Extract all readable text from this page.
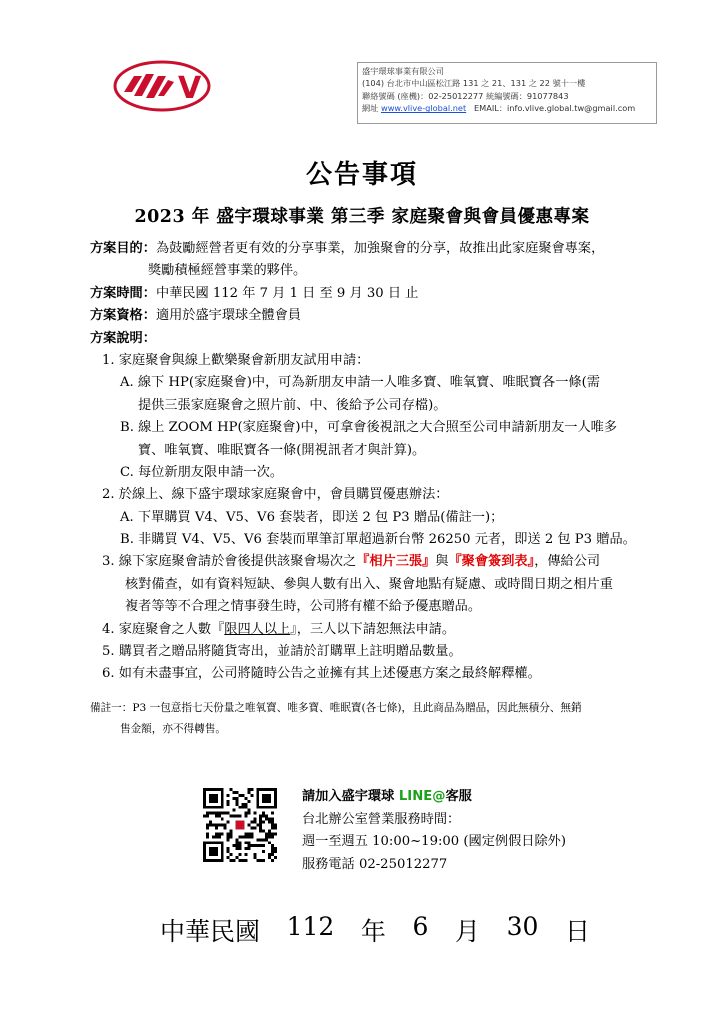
V	盛宇環球事業有限公司
(104) 台北市中山區松江路 131 之 21、131 之 22 號十一樓
聯絡號碼 (座機)：02-25012277 統編號碼：91077843
網址 www.vlive-global.net EMAIL：info.vlive.global.tw@gmail.com
公告事項
2023 年 盛宇環球事業 第三季 家庭聚會與會員優惠專案
方案目的：為鼓勵經營者更有效的分享事業，加強聚會的分享，故推出此家庭聚會專案，
獎勵積極經營事業的夥伴。
方案時間：中華民國 112 年 7 月 1 日 至 9 月 30 日 止
方案資格：適用於盛宇環球全體會員
方案說明：
1. 家庭聚會與線上歡樂聚會新朋友試用申請：
A. 線下 HP(家庭聚會)中，可為新朋友申請一人唯多寶、唯氧寶、唯眠寶各一條(需
提供三張家庭聚會之照片前、中、後給予公司存檔)。
B. 線上 ZOOM HP(家庭聚會)中，可拿會後視訊之大合照至公司申請新朋友一人唯多
寶、唯氧寶、唯眠寶各一條(開視訊者才與計算)。
C. 每位新朋友限申請一次。
2. 於線上、線下盛宇環球家庭聚會中，會員購買優惠辦法：
A. 下單購買 V4、V5、V6 套裝者，即送 2 包 P3 贈品(備註一)；
B. 非購買 V4、V5、V6 套裝而單筆訂單超過新台幣 26250 元者，即送 2 包 P3 贈品。
3. 線下家庭聚會請於會後提供該聚會場次之『相片三張』與『聚會簽到表』，傳給公司
核對備查，如有資料短缺、參與人數有出入、聚會地點有疑慮、或時間日期之相片重
複者等等不合理之情事發生時，公司將有權不給予優惠贈品。
4. 家庭聚會之人數『限四人以上』，三人以下請恕無法申請。
5. 購買者之贈品將隨貨寄出，並請於訂購單上註明贈品數量。
6. 如有未盡事宜，公司將隨時公告之並擁有其上述優惠方案之最終解釋權。
備註一：P3 一包意指七天份量之唯氧寶、唯多寶、唯眠寶(各七條)，且此商品為贈品，因此無積分、無銷
售金額，亦不得轉售。
請加入盛宇環球 LINE@客服
台北辦公室營業服務時間：
週一至週五 10:00~19:00 (國定例假日除外)
服務電話 02-25012277
中華民國 112 年 6 月 30 日
